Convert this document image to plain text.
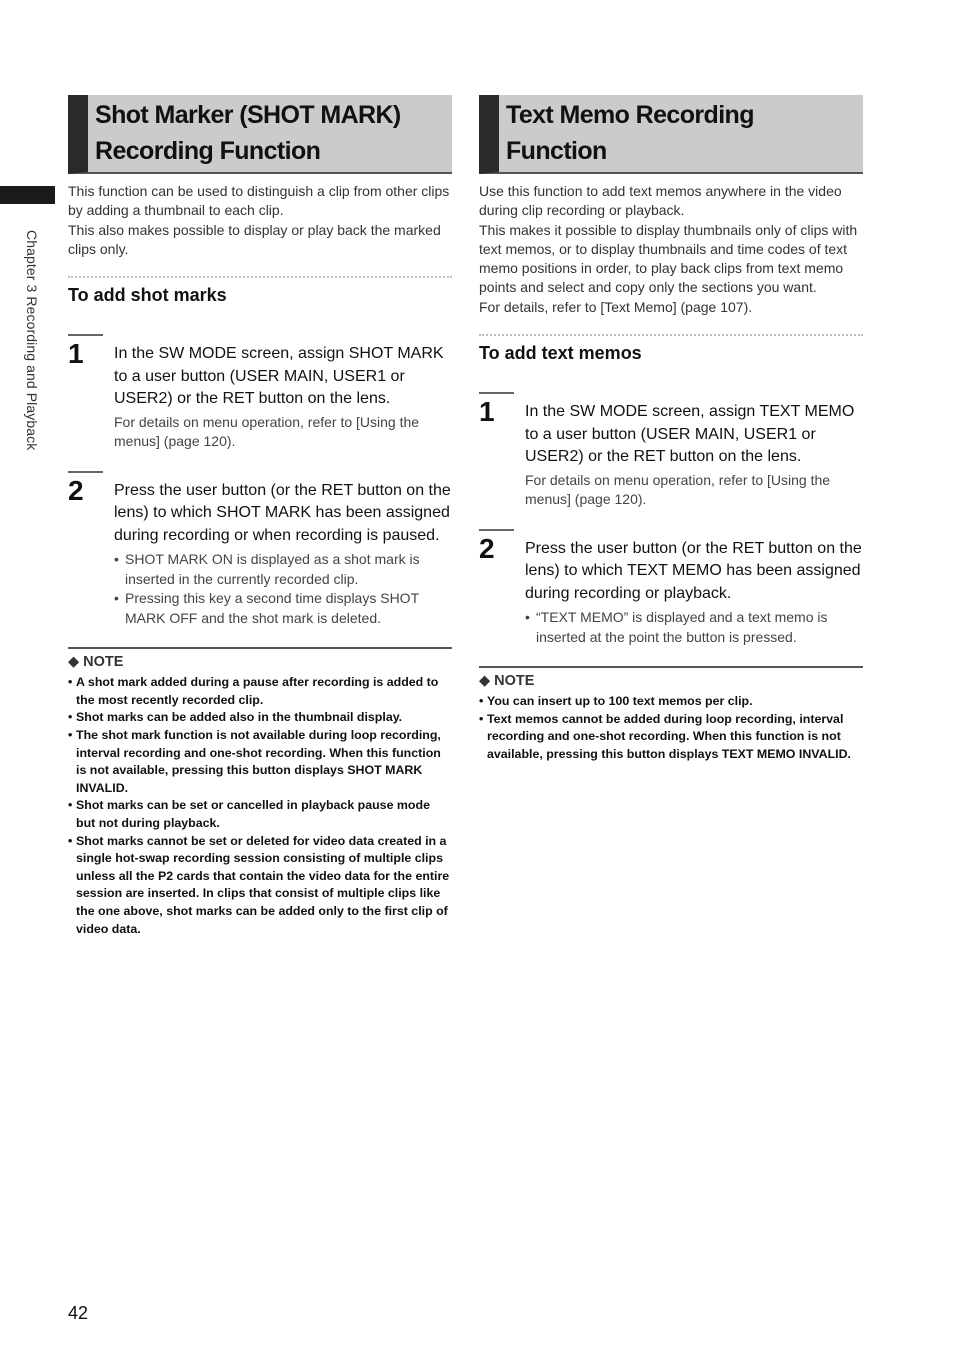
Chapter 3 Recording and Playback
Shot Marker (SHOT MARK) Recording Function

This function can be used to distinguish a clip from other clips by adding a thumbnail to each clip.

This also makes possible to display or play back the marked clips only.

To add shot marks
1 In the SW MODE screen, assign SHOT MARK to a user button (USER MAIN, USER1 or USER2) or the RET button on the lens.

For details on menu operation, refer to [Using the menus] (page 120).

2 Press the user button (or the RET button on the lens) to which SHOT MARK has been assigned during recording or when recording is paused.

• SHOT MARK ON is displayed as a shot mark is inserted in the currently recorded clip.
• Pressing this key a second time displays SHOT MARK OFF and the shot mark is deleted.

◆ NOTE

• A shot mark added during a pause after recording is added to the most recently recorded clip.
• Shot marks can be added also in the thumbnail display.
• The shot mark function is not available during loop recording, interval recording and one-shot recording. When this function is not available, pressing this button displays SHOT MARK INVALID.
• Shot marks can be set or cancelled in playback pause mode but not during playback.
• Shot marks cannot be set or deleted for video data created in a single hot-swap recording session consisting of multiple clips unless all the P2 cards that contain the video data for the entire session are inserted. In clips that consist of multiple clips like the one above, shot marks can be added only to the first clip of video data.
Text Memo Recording Function

Use this function to add text memos anywhere in the video during clip recording or playback.

This makes it possible to display thumbnails only of clips with text memos, or to display thumbnails and time codes of text memo positions in order, to play back clips from text memo points and select and copy only the sections you want.

For details, refer to [Text Memo] (page 107).

To add text memos
1 In the SW MODE screen, assign TEXT MEMO to a user button (USER MAIN, USER1 or USER2) or the RET button on the lens.

For details on menu operation, refer to [Using the menus] (page 120).

2 Press the user button (or the RET button on the lens) to which TEXT MEMO has been assigned during recording or playback.

• “TEXT MEMO” is displayed and a text memo is inserted at the point the button is pressed.

◆ NOTE

• You can insert up to 100 text memos per clip.
• Text memos cannot be added during loop recording, interval recording and one-shot recording. When this function is not available, pressing this button displays TEXT MEMO INVALID.
42
